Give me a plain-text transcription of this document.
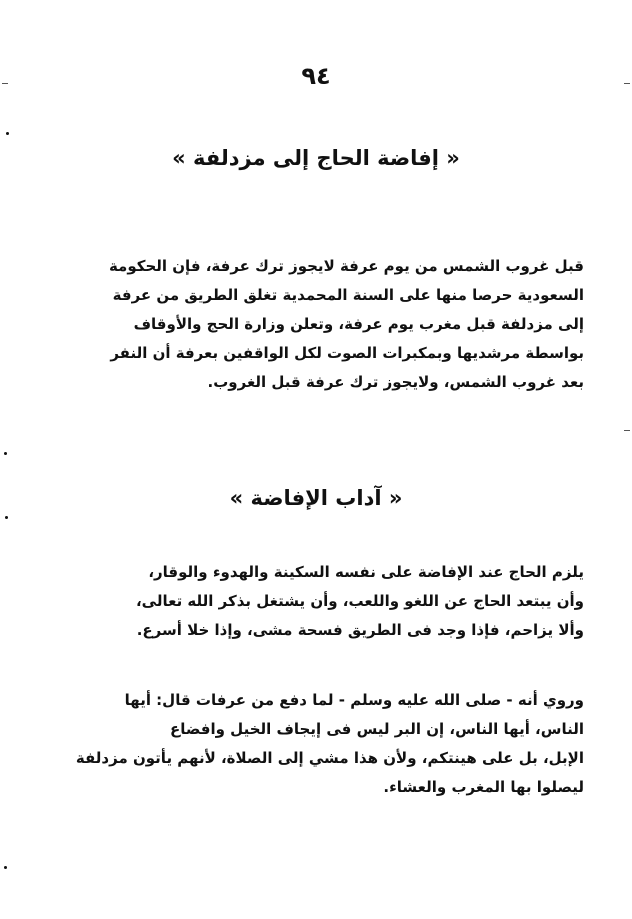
٩٤
« إفاضة الحاج إلى مزدلفة »
قبل غروب الشمس من يوم عرفة لايجوز ترك عرفة، فإن الحكومة
السعودية حرصا منها على السنة المحمدية تغلق الطريق من عرفة
إلى مزدلفة قبل مغرب يوم عرفة، وتعلن وزارة الحج والأوقاف
بواسطة مرشديها وبمكبرات الصوت لكل الواقفين بعرفة أن النفر
بعد غروب الشمس، ولايجوز ترك عرفة قبل الغروب.
« آداب الإفاضة »
يلزم الحاج عند الإفاضة على نفسه السكينة والهدوء والوقار،
وأن يبتعد الحاج عن اللغو واللعب، وأن يشتغل بذكر الله تعالى،
وألا يزاحم، فإذا وجد فى الطريق فسحة مشى، وإذا خلا أسرع.
وروي أنه - صلى الله عليه وسلم - لما دفع من عرفات قال: أيها
الناس، أيها الناس، إن البر ليس فى إيجاف الخيل وافضاع
الإبل، بل على هينتكم، ولأن هذا مشي إلى الصلاة، لأنهم يأتون مزدلفة
ليصلوا بها المغرب والعشاء.
